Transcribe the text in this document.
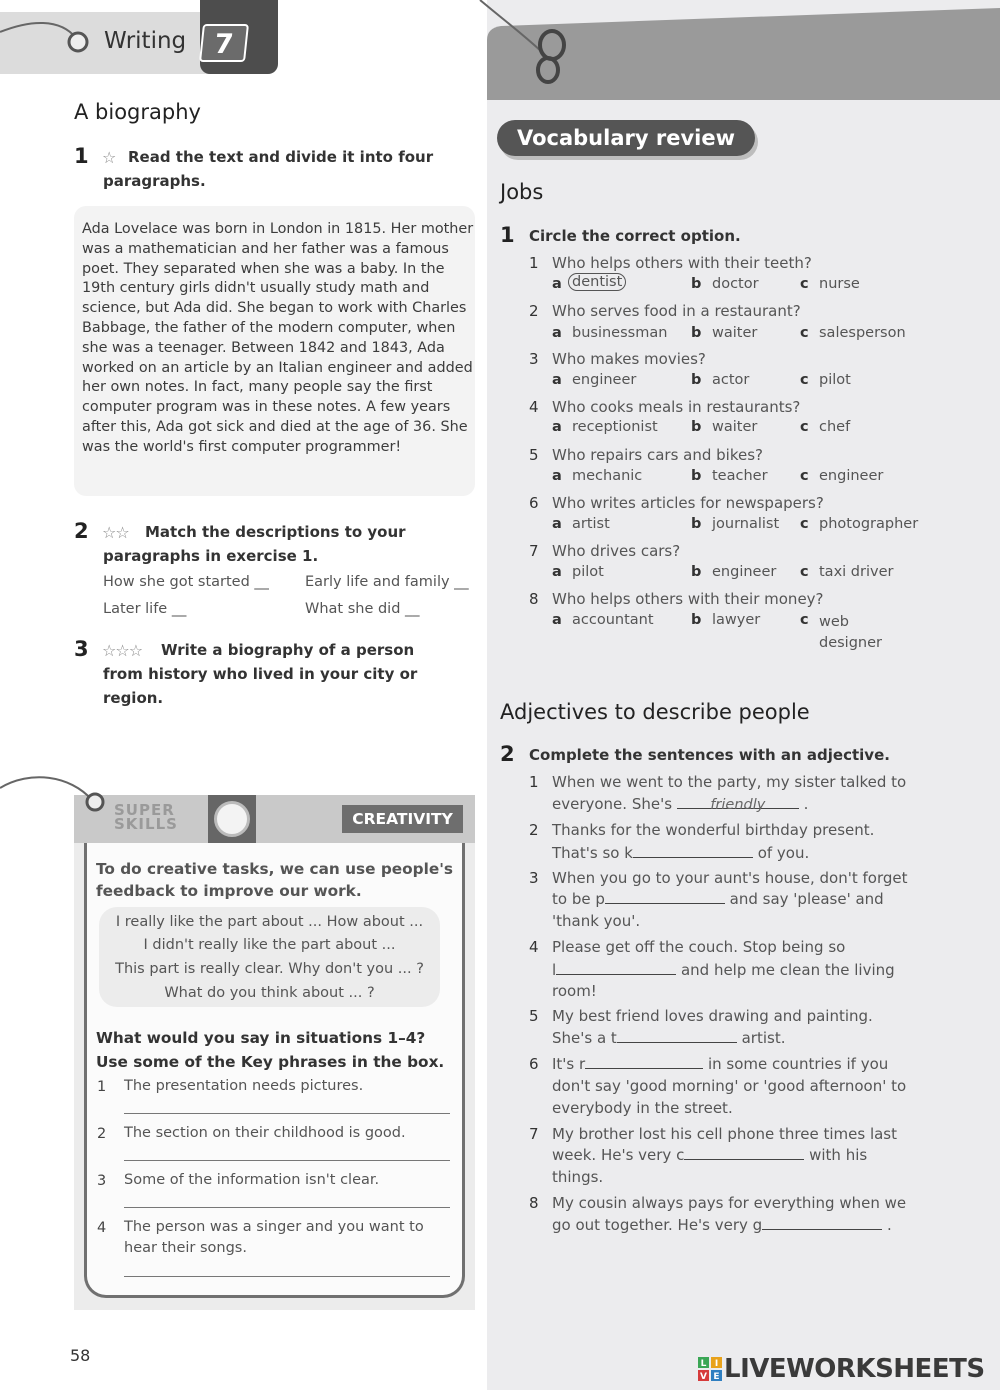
Writing 7
A biography
1 ☆ Read the text and divide it into four paragraphs.
Ada Lovelace was born in London in 1815. Her mother was a mathematician and her father was a famous poet. They separated when she was a baby. In the 19th century girls didn't usually study math and science, but Ada did. She began to work with Charles Babbage, the father of the modern computer, when she was a teenager. Between 1842 and 1843, Ada worked on an article by an Italian engineer and added her own notes. In fact, many people say the first computer program was in these notes. A few years after this, Ada got sick and died at the age of 36. She was the world's first computer programmer!
2 ☆☆	Match the descriptions to your paragraphs in exercise 1.
How she got started __ Early life and family __
Later life __	What she did __
3 ☆☆☆	Write a biography of a person from history who lived in your city or region.
SUPER
SKILLS	CREATIVITY
To do creative tasks, we can use people's feedback to improve our work.
I really like the part about ... How about ...
I didn't really like the part about ...
This part is really clear. Why don't you ... ?
What do you think about ... ?
What would you say in situations 1–4? Use some of the Key phrases in the box.
1 The presentation needs pictures.
2 The section on their childhood is good.
3 Some of the information isn't clear.
4 The person was a singer and you want to hear their songs.
58
Vocabulary review
Jobs
1 Circle the correct option.
1 Who helps others with their teeth?
a dentist	b doctor	c nurse
2 Who serves food in a restaurant?
a businessman b waiter	c salesperson
3 Who makes movies?
a engineer	b actor	c pilot
4 Who cooks meals in restaurants?
a receptionist b waiter	c chef
5 Who repairs cars and bikes?
a mechanic	b teacher c engineer
6 Who writes articles for newspapers?
a artist	b journalist c photographer
7 Who drives cars?
a pilot	b engineer c taxi driver
8 Who helps others with their money?
a accountant	b lawyer	c web designer
Adjectives to describe people
2 Complete the sentences with an adjective.
1 When we went to the party, my sister talked to
everyone. She's	friendly	.
2 Thanks for the wonderful birthday present.
That's so k	of you.
3 When you go to your aunt's house, don't forget
to be p	and say 'please' and
'thank you'.
4 Please get off the couch. Stop being so
l	and help me clean the living
room!
5 My best friend loves drawing and painting.
She's a t	artist.
6 It's r	in some countries if you
don't say 'good morning' or 'good afternoon' to
everybody in the street.
7 My brother lost his cell phone three times last
week. He's very c	with his
things.
8 My cousin always pays for everything when we
go out together. He's very g	.
L I
V E LIVEWORKSHEETS
